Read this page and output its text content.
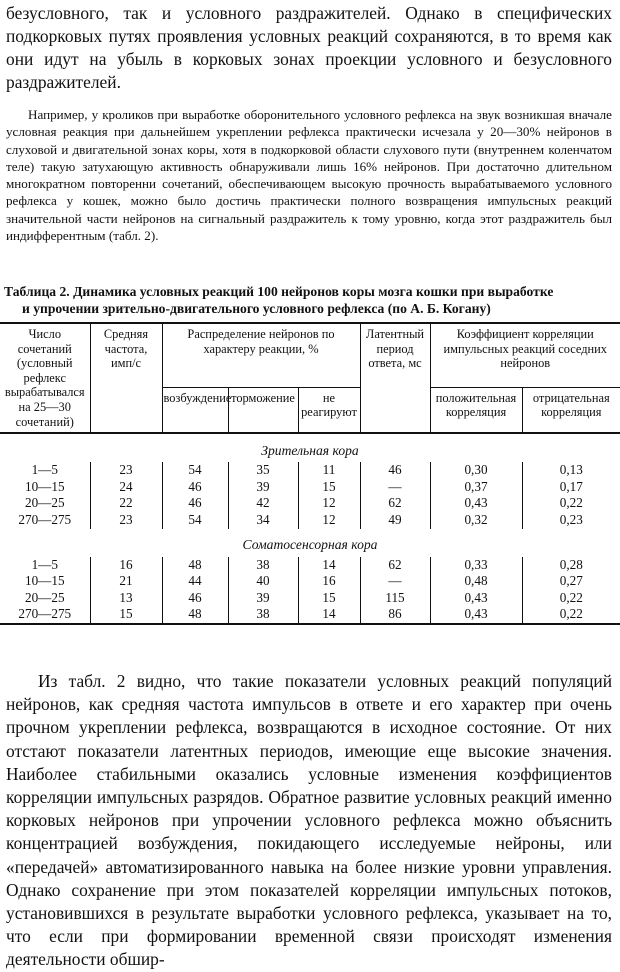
безусловного, так и условного раздражителей. Однако в специфических подкорковых путях проявления условных реакций сохраняются, в то время как они идут на убыль в корковых зонах проекции условного и безусловного раздражителей.
Например, у кроликов при выработке оборонительного условного рефлекса на звук возникшая вначале условная реакция при дальнейшем укреплении рефлекса практически исчезала у 20—30% нейронов в слуховой и двигательной зонах коры, хотя в подкорковой области слухового пути (внутреннем коленчатом теле) такую затухающую активность обнаруживали лишь 16% нейронов. При достаточно длительном многократном повторенни сочетаний, обеспечивающем высокую прочность вырабатываемого условного рефлекса у кошек, можно было достичь практически полного возвращения импульсных реакций значительной части нейронов на сигнальный раздражитель к тому уровню, когда этот раздражитель был индифферентным (табл. 2).
Таблица 2. Динамика условных реакций 100 нейронов коры мозга кошки при выработке
и упрочении зрительно-двигательного условного рефлекса (по А. Б. Когану)
Число сочетаний (условный рефлекс вырабатывался на 25—30 сочетаний)	Средняя частота, имп/с	Распределение нейронов по характеру реакции, %			Латентный период ответа, мс	Коэффициент корреляции импульсных реакций соседних нейронов	
		возбуждение	торможение	не реагируют		положительная корреляция	отрицательная корреляция
Зрительная кора							
1—5	23	54	35	11	46	0,30	0,13
10—15	24	46	39	15	—	0,37	0,17
20—25	22	46	42	12	62	0,43	0,22
270—275	23	54	34	12	49	0,32	0,23
Соматосенсорная кора							
1—5	16	48	38	14	62	0,33	0,28
10—15	21	44	40	16	—	0,48	0,27
20—25	13	46	39	15	115	0,43	0,22
270—275	15	48	38	14	86	0,43	0,22
Из табл. 2 видно, что такие показатели условных реакций популяций нейронов, как средняя частота импульсов в ответе и его характер при очень прочном укреплении рефлекса, возвращаются в исходное состояние. От них отстают показатели латентных периодов, имеющие еще высокие значения. Наиболее стабильными оказались условные изменения коэффициентов корреляции импульсных разрядов. Обратное развитие условных реакций именно корковых нейронов при упрочении условного рефлекса можно объяснить концентрацией возбуждения, покидающего исследуемые нейроны, или «передачей» автоматизированного навыка на более низкие уровни управления. Однако сохранение при этом показателей корреляции импульсных потоков, установившихся в результате выработки условного рефлекса, указывает на то, что если при формировании временной связи происходят изменения деятельности обшир-
